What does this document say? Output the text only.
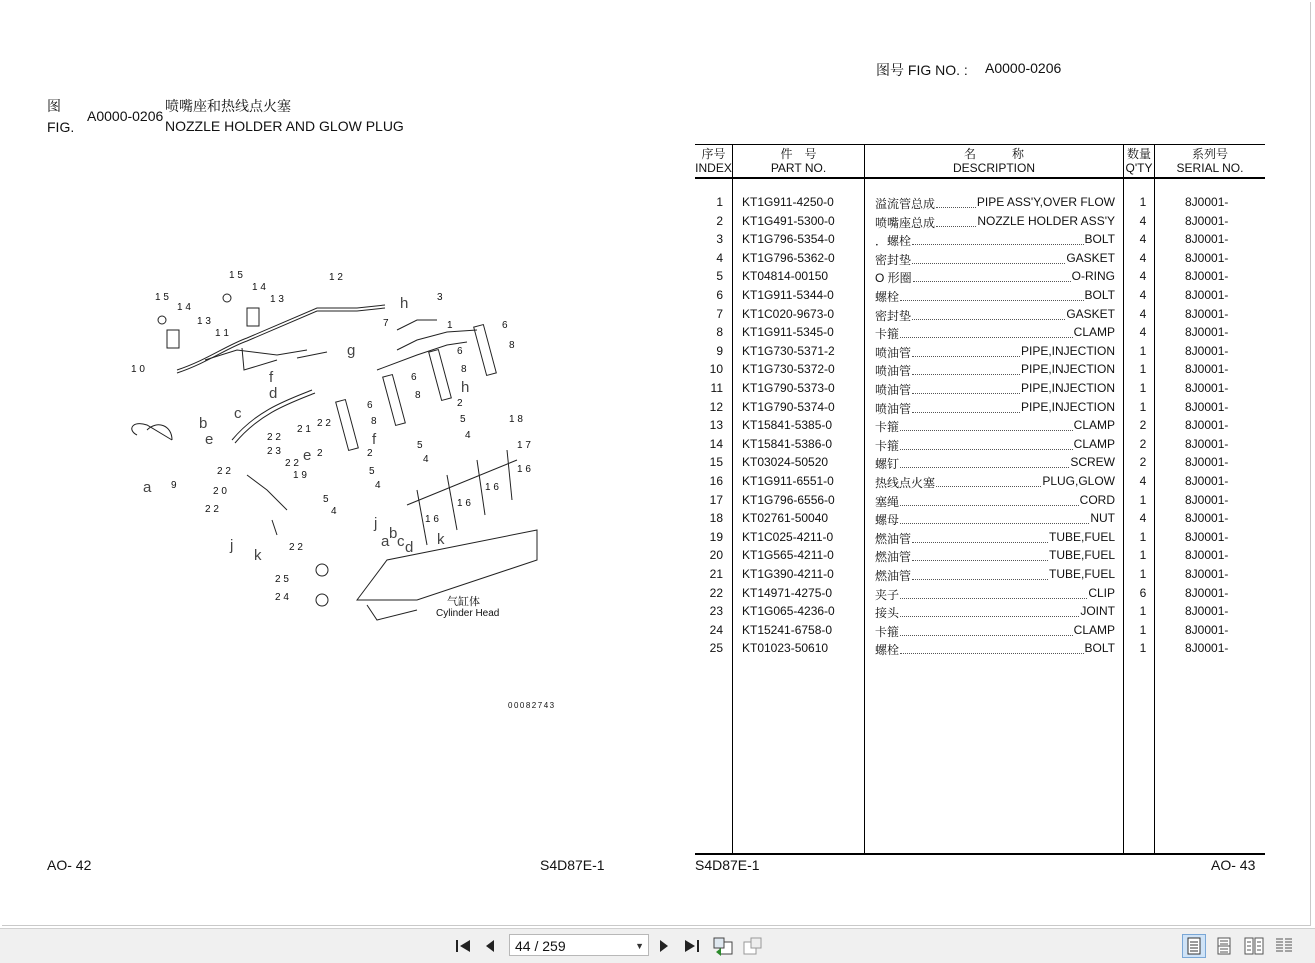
图
FIG.
A0000-0206
喷嘴座和热线点火塞
NOZZLE HOLDER AND GLOW PLUG
1 5	1 2
1 5
1 4
1 4
1 3
1 3
1 1
1 0
3
7	1	6
8
6
6
6
8
8
8
2
5
4
1 8
1 7
1 6
1 6
1 6
1 6
2
5
4
5
4
5
4
2
2 1
2 2
2 2
2 3
2 2
1 9
2 2
2 0
2 2
2 2
2 5
2 4
9
h
g
d
f
b
c
e
a
e
f
h
j
k
j
a b c d k
气缸体
Cylinder Head
00082743
AO- 42	S4D87E-1
图号 FIG NO. : A0000-0206
序号
INDEX
件　号
PART NO.
名　　　称
DESCRIPTION
数量
Q'TY
系列号
SERIAL NO.
1 KT1G911-4250-0	溢流管总成	PIPE ASS'Y,OVER FLOW 1	8J0001-
2 KT1G491-5300-0	喷嘴座总成	NOZZLE HOLDER ASS'Y 4	8J0001-
3 KT1G796-5354-0	．螺栓	BOLT 4	8J0001-
4 KT1G796-5362-0	密封垫	GASKET 4	8J0001-
5 KT04814-00150	O 形圈	O-RING 4	8J0001-
6 KT1G911-5344-0	螺栓	BOLT 4	8J0001-
7 KT1C020-9673-0	密封垫	GASKET 4	8J0001-
8 KT1G911-5345-0	卡箍	CLAMP 4	8J0001-
9 KT1G730-5371-2	喷油管	PIPE,INJECTION 1	8J0001-
10 KT1G730-5372-0	喷油管	PIPE,INJECTION 1	8J0001-
11 KT1G790-5373-0	喷油管	PIPE,INJECTION 1	8J0001-
12 KT1G790-5374-0	喷油管	PIPE,INJECTION 1	8J0001-
13 KT15841-5385-0	卡箍	CLAMP 2	8J0001-
14 KT15841-5386-0	卡箍	CLAMP 2	8J0001-
15 KT03024-50520	螺钉	SCREW 2	8J0001-
16 KT1G911-6551-0	热线点火塞	PLUG,GLOW 4	8J0001-
17 KT1G796-6556-0	塞绳	CORD 1	8J0001-
18 KT02761-50040	螺母	NUT 4	8J0001-
19 KT1C025-4211-0	燃油管	TUBE,FUEL 1	8J0001-
20 KT1G565-4211-0	燃油管	TUBE,FUEL 1	8J0001-
21 KT1G390-4211-0	燃油管	TUBE,FUEL 1	8J0001-
22 KT14971-4275-0	夹子	CLIP 6	8J0001-
23 KT1G065-4236-0	接头	JOINT 1	8J0001-
24 KT15241-6758-0	卡箍	CLAMP 1	8J0001-
25 KT01023-50610	螺栓	BOLT 1	8J0001-
S4D87E-1	AO- 43
44 / 259	▼
